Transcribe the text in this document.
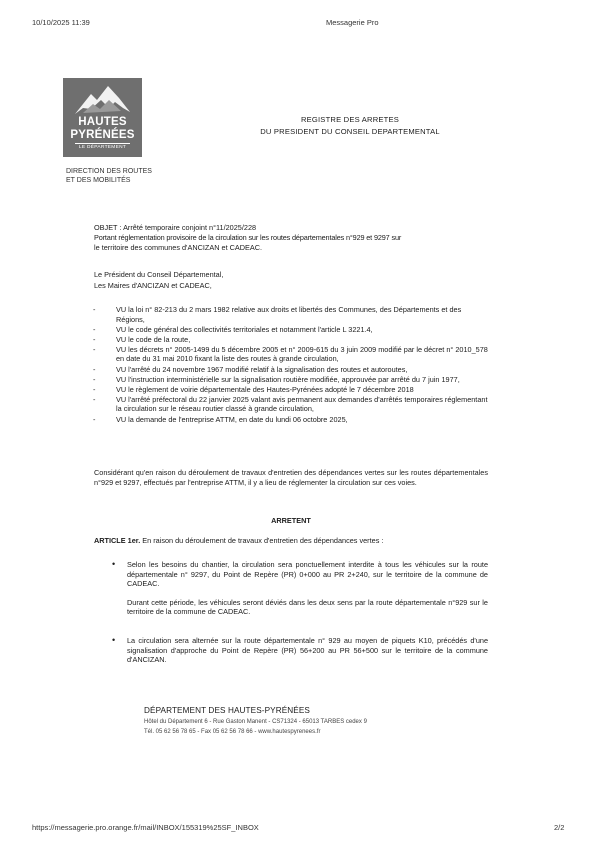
10/10/2025 11:39	Messagerie Pro
HAUTES
PYRÉNÉES
LE DÉPARTEMENT
DIRECTION DES ROUTES
ET DES MOBILITÉS
REGISTRE DES ARRETES
DU PRESIDENT DU CONSEIL DEPARTEMENTAL
OBJET : Arrêté temporaire conjoint n°11/2025/228
Portant réglementation provisoire de la circulation sur les routes départementales n°929 et 9297 sur
le territoire des communes d'ANCIZAN et CADEAC.
Le Président du Conseil Départemental,
Les Maires d'ANCIZAN et CADEAC,
- VU la loi n° 82-213 du 2 mars 1982 relative aux droits et libertés des Communes, des Départements et des Régions,
- VU le code général des collectivités territoriales et notamment l'article L 3221.4,
- VU le code de la route,
- VU les décrets n° 2005-1499 du 5 décembre 2005 et n° 2009-615 du 3 juin 2009 modifié par le décret n° 2010_578 en date du 31 mai 2010 fixant la liste des routes à grande circulation,
- VU l'arrêté du 24 novembre 1967 modifié relatif à la signalisation des routes et autoroutes,
- VU l'instruction interministérielle sur la signalisation routière modifiée, approuvée par arrêté du 7 juin 1977,
- VU le règlement de voirie départementale des Hautes-Pyrénées adopté le 7 décembre 2018
- VU l'arrêté préfectoral du 22 janvier 2025 valant avis permanent aux demandes d'arrêtés temporaires réglementant la circulation sur le réseau routier classé à grande circulation,
- VU la demande de l'entreprise ATTM, en date du lundi 06 octobre 2025,
Considérant qu'en raison du déroulement de travaux d'entretien des dépendances vertes sur les routes départementales n°929 et 9297, effectués par l'entreprise ATTM, il y a lieu de réglementer la circulation sur ces voies.
ARRETENT
ARTICLE 1er. En raison du déroulement de travaux d'entretien des dépendances vertes :
• Selon les besoins du chantier, la circulation sera ponctuellement interdite à tous les véhicules sur la route départementale n° 9297, du Point de Repère (PR) 0+000 au PR 2+240, sur le territoire de la commune de CADEAC.
Durant cette période, les véhicules seront déviés dans les deux sens par la route départementale n°929 sur le territoire de la commune de CADEAC.
• La circulation sera alternée sur la route départementale n° 929 au moyen de piquets K10, précédés d'une signalisation d'approche du Point de Repère (PR) 56+200 au PR 56+500 sur le territoire de la commune d'ANCIZAN.
DÉPARTEMENT DES HAUTES-PYRÉNÉES
Hôtel du Département 6 - Rue Gaston Manent - CS71324 - 65013 TARBES cedex 9
Tél. 05 62 56 78 65 - Fax 05 62 56 78 66 - www.hautespyrenees.fr
https://messagerie.pro.orange.fr/mail/INBOX/155319%25SF_INBOX	2/2
